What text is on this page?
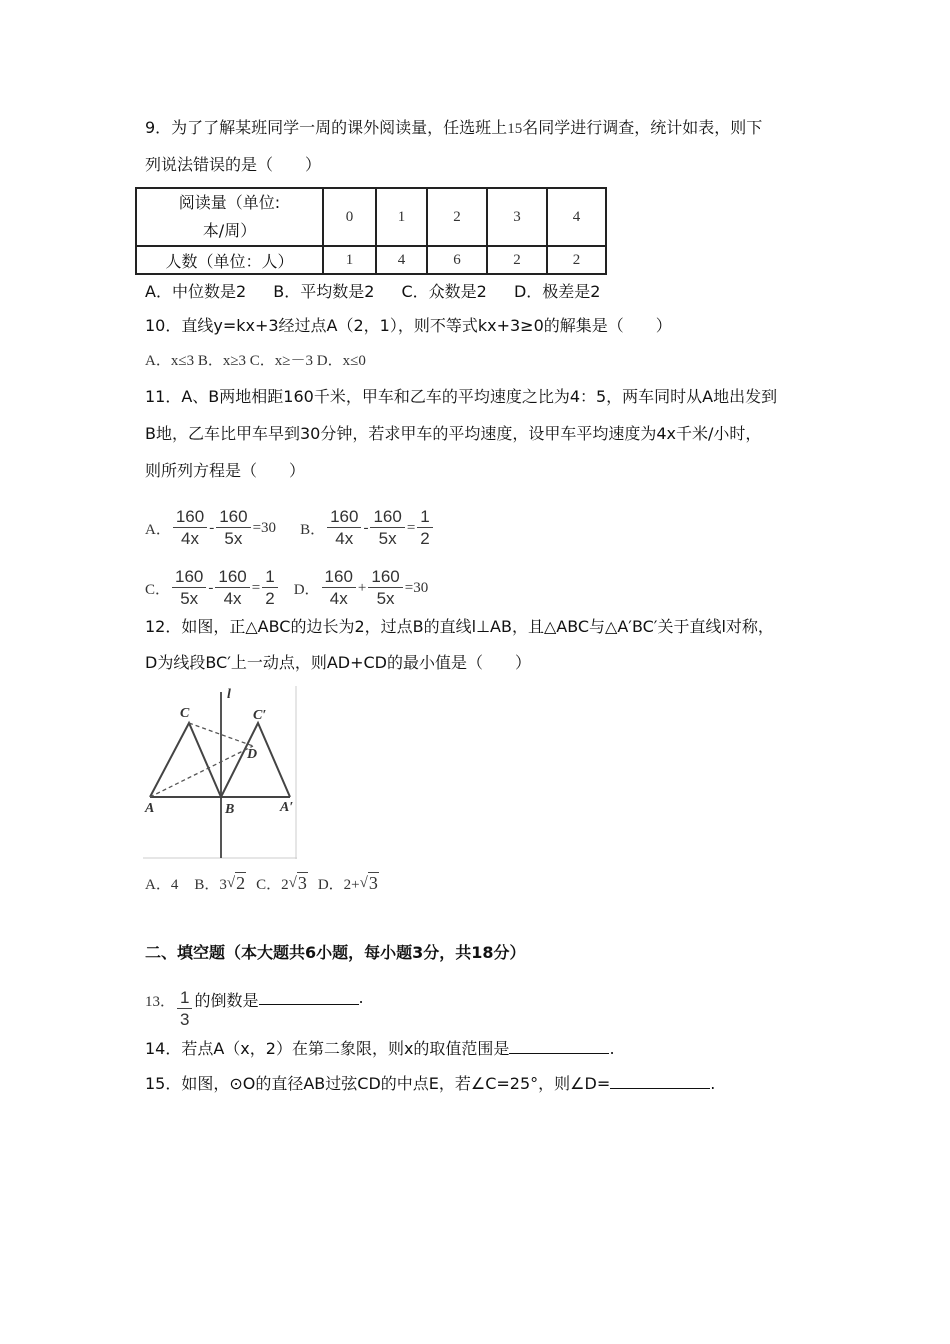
9．为了了解某班同学一周的课外阅读量，任选班上15名同学进行调查，统计如表，则下
列说法错误的是（　　）
阅读量（单位:
本/周）	0	1	2	3	4
人数（单位：人）	1	4	6	2	2
A．中位数是2 B．平均数是2 C．众数是2 D．极差是2
10．直线y=kx+3经过点A（2，1），则不等式kx+3≥0的解集是（　　）
A．x≤3 B．x≥3 C．x≥－3 D．x≤0
11．A、B两地相距160千米，甲车和乙车的平均速度之比为4：5，两车同时从A地出发到
B地，乙车比甲车早到30分钟，若求甲车的平均速度，设甲车平均速度为4x千米/小时，
则所列方程是（　　）
A． $\frac{160}{4x} - \frac{160}{5x} =30$ B． $\frac{160}{4x} - \frac{160}{5x} = \frac{1}{2}$
C． $\frac{160}{5x} - \frac{160}{4x} = \frac{1}{2}$ D． $\frac{160}{4x} + \frac{160}{5x} =30$
12．如图，正△ABC的边长为2，过点B的直线l⊥AB，且△ABC与△A′BC′关于直线l对称，
D为线段BC′上一动点，则AD+CD的最小值是（　　）
l
C	C′
D
A	B	A′
A．4 B．3 √ 2 C．2 √ 3 D．2+ √ 3
二、填空题（本大题共6小题，每小题3分，共18分）
13． $\frac{1}{3}$ 的倒数是	.
14．若点A（x，2）在第二象限，则x的取值范围是	.
15．如图，⊙O的直径AB过弦CD的中点E，若∠C=25°，则∠D=	.
